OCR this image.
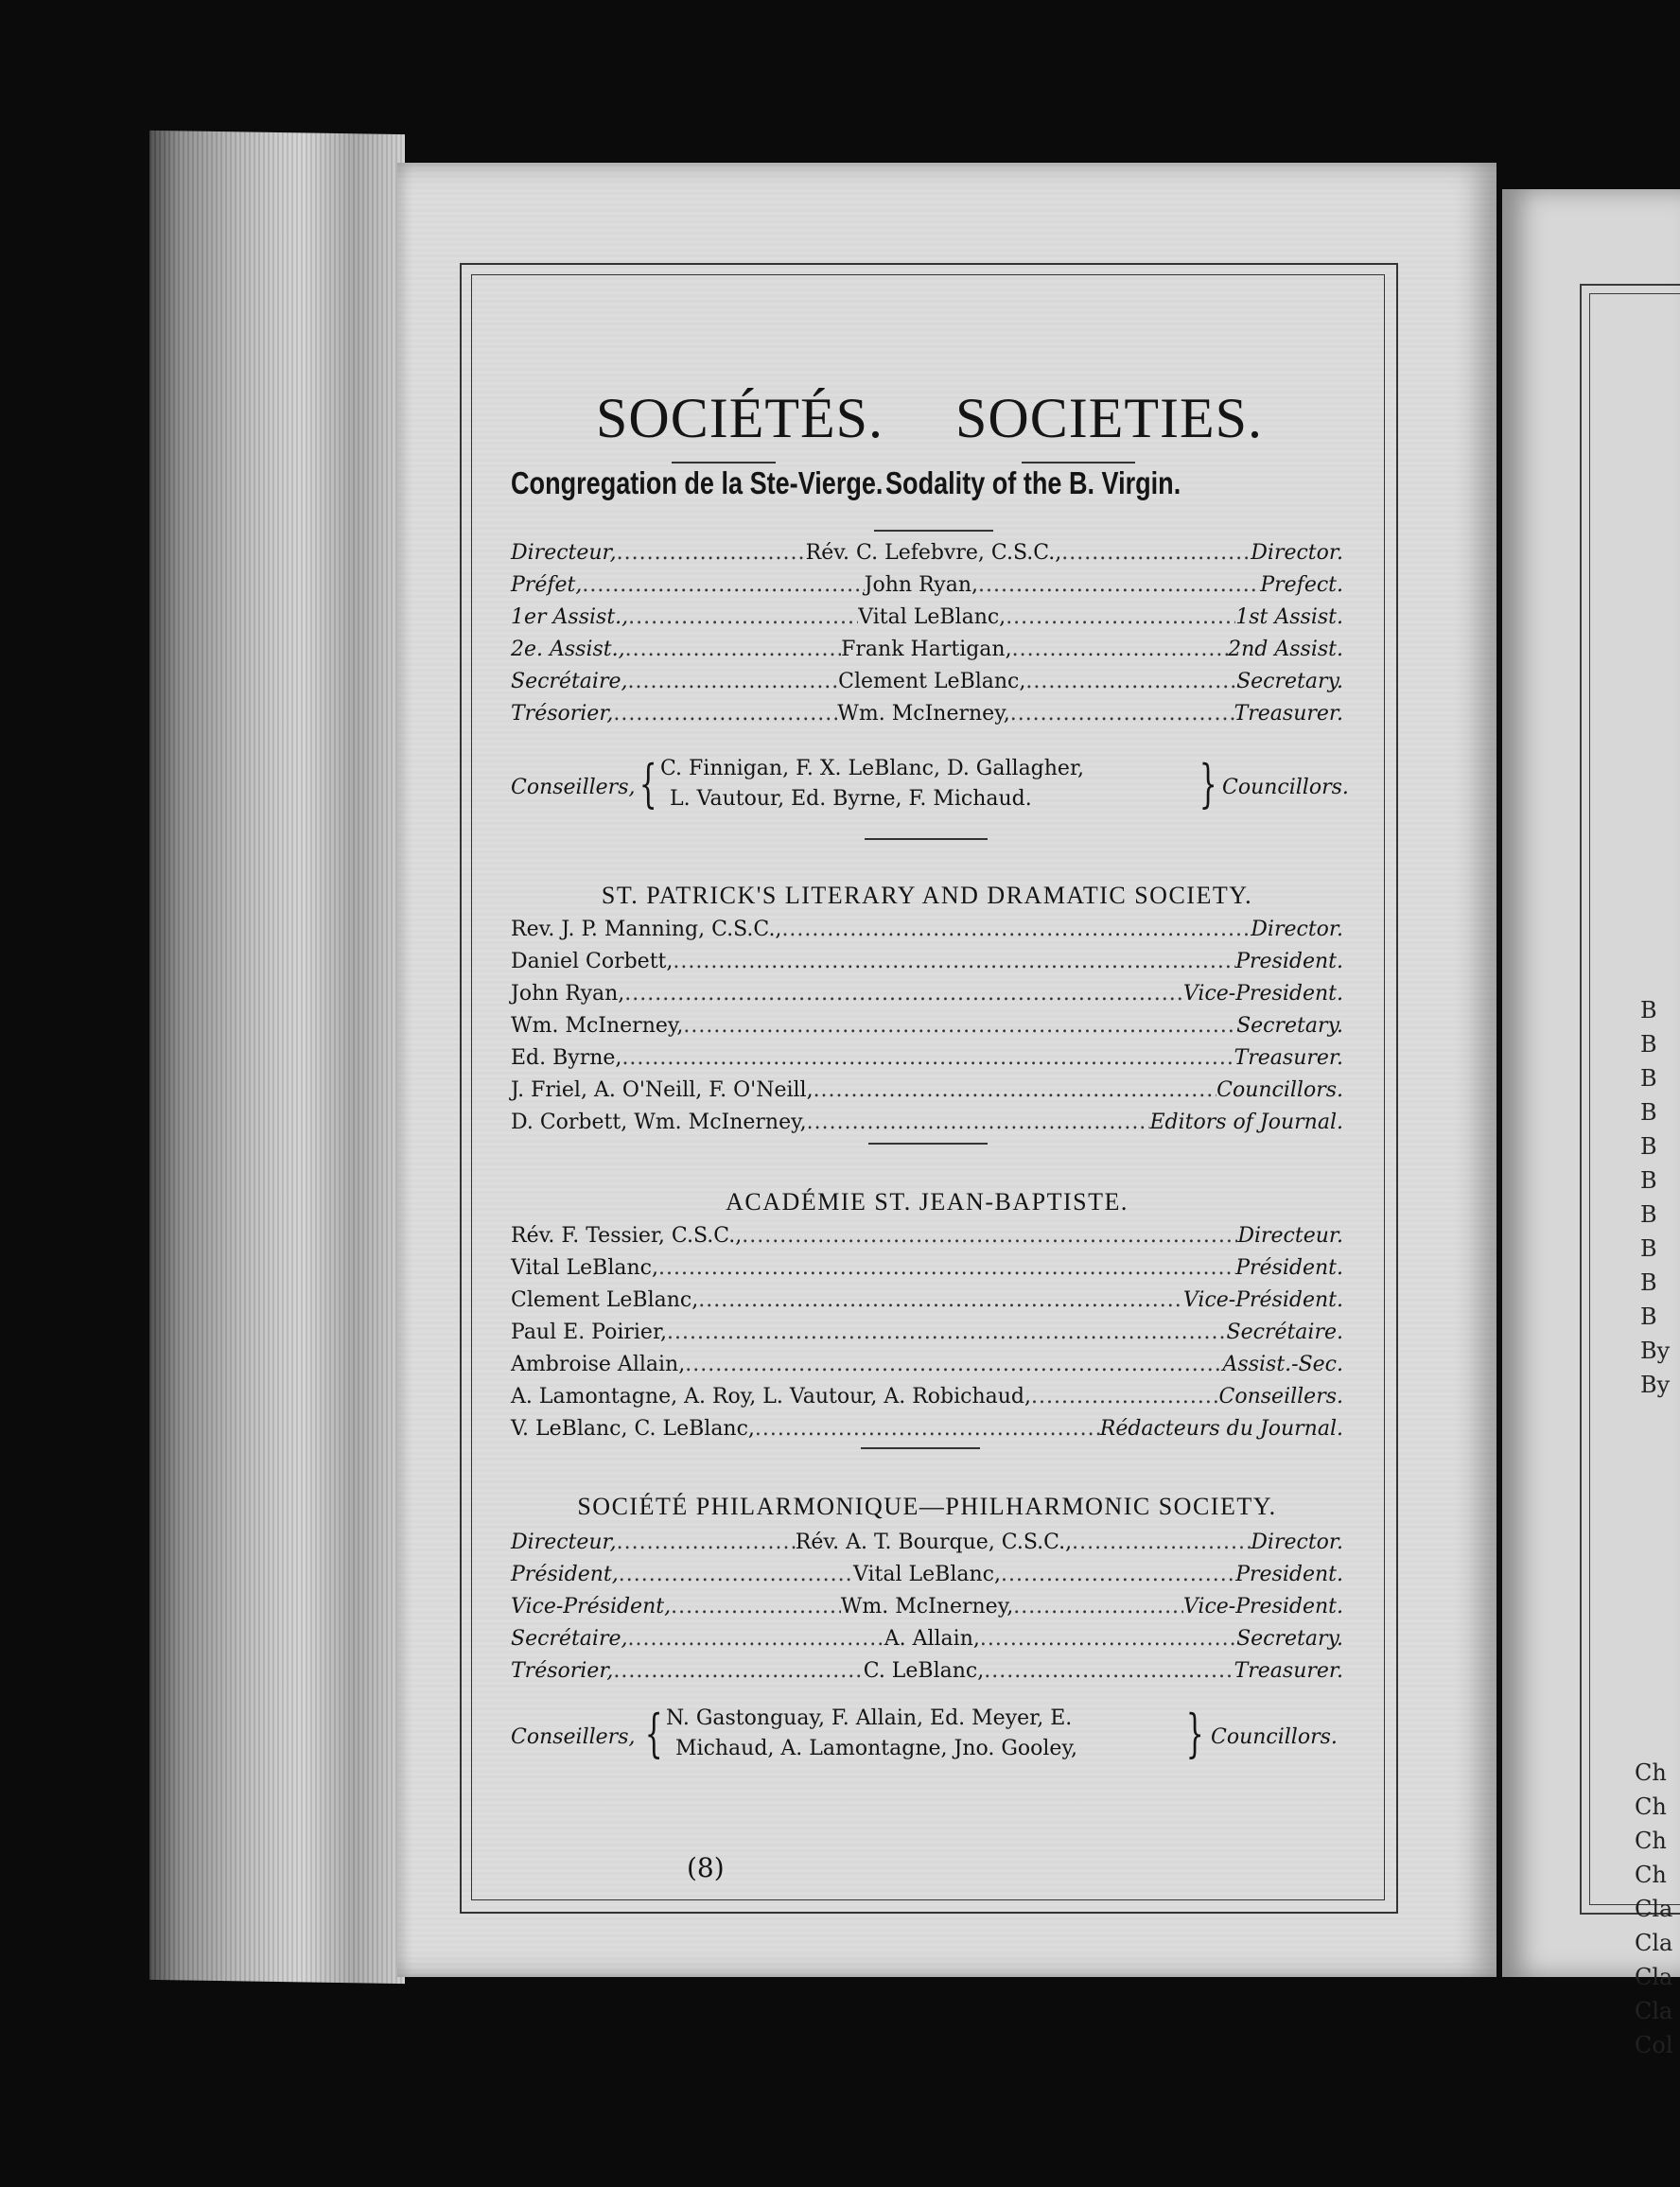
B
B
B
B
B
B
B
B
B
B
By
By
Ch
Ch
Ch
Ch
Cla
Cla
Cla
Cla
Col
SOCIÉTÉS. SOCIETIES.
Congregation de la Ste-Vierge. Sodality of the B. Virgin.
Directeur, .....	Rév. C. Lefebvre, C.S.C., .....	Director.
Préfet, .....	John Ryan, .....	Prefect.
1er Assist., .....	Vital LeBlanc, .....	1st Assist.
2e. Assist., .....	Frank Hartigan, .....	2nd Assist.
Secrétaire, .....	Clement LeBlanc, .....	Secretary.
Trésorier, .....	Wm. McInerney, .....	Treasurer.
Conseillers, { C. Finnigan, F. X. LeBlanc, D. Gallagher,
L. Vautour, Ed. Byrne, F. Michaud.	} Councillors.
ST. PATRICK'S LITERARY AND DRAMATIC SOCIETY.
Rev. J. P. Manning, C.S.C., .....	Director.
Daniel Corbett, .....	President.
John Ryan, .....	Vice-President.
Wm. McInerney, .....	Secretary.
Ed. Byrne, .....	Treasurer.
J. Friel, A. O'Neill, F. O'Neill, .....	Councillors.
D. Corbett, Wm. McInerney, .....	Editors of Journal.
ACADÉMIE ST. JEAN-BAPTISTE.
Rév. F. Tessier, C.S.C., .....	Directeur.
Vital LeBlanc, .....	Président.
Clement LeBlanc, .....	Vice-Président.
Paul E. Poirier, .....	Secrétaire.
Ambroise Allain, .....	Assist.-Sec.
A. Lamontagne, A. Roy, L. Vautour, A. Robichaud, .....	Conseillers.
V. LeBlanc, C. LeBlanc, .....	Rédacteurs du Journal.
SOCIÉTÉ PHILARMONIQUE—PHILHARMONIC SOCIETY.
Directeur, .....	Rév. A. T. Bourque, C.S.C., .....	Director.
Président, .....	Vital LeBlanc, .....	President.
Vice-Président, .....	Wm. McInerney, .....	Vice-President.
Secrétaire, .....	A. Allain, .....	Secretary.
Trésorier, .....	C. LeBlanc, .....	Treasurer.
Conseillers, { N. Gastonguay, F. Allain, Ed. Meyer, E.
Michaud, A. Lamontagne, Jno. Gooley, } Councillors.
(8)
